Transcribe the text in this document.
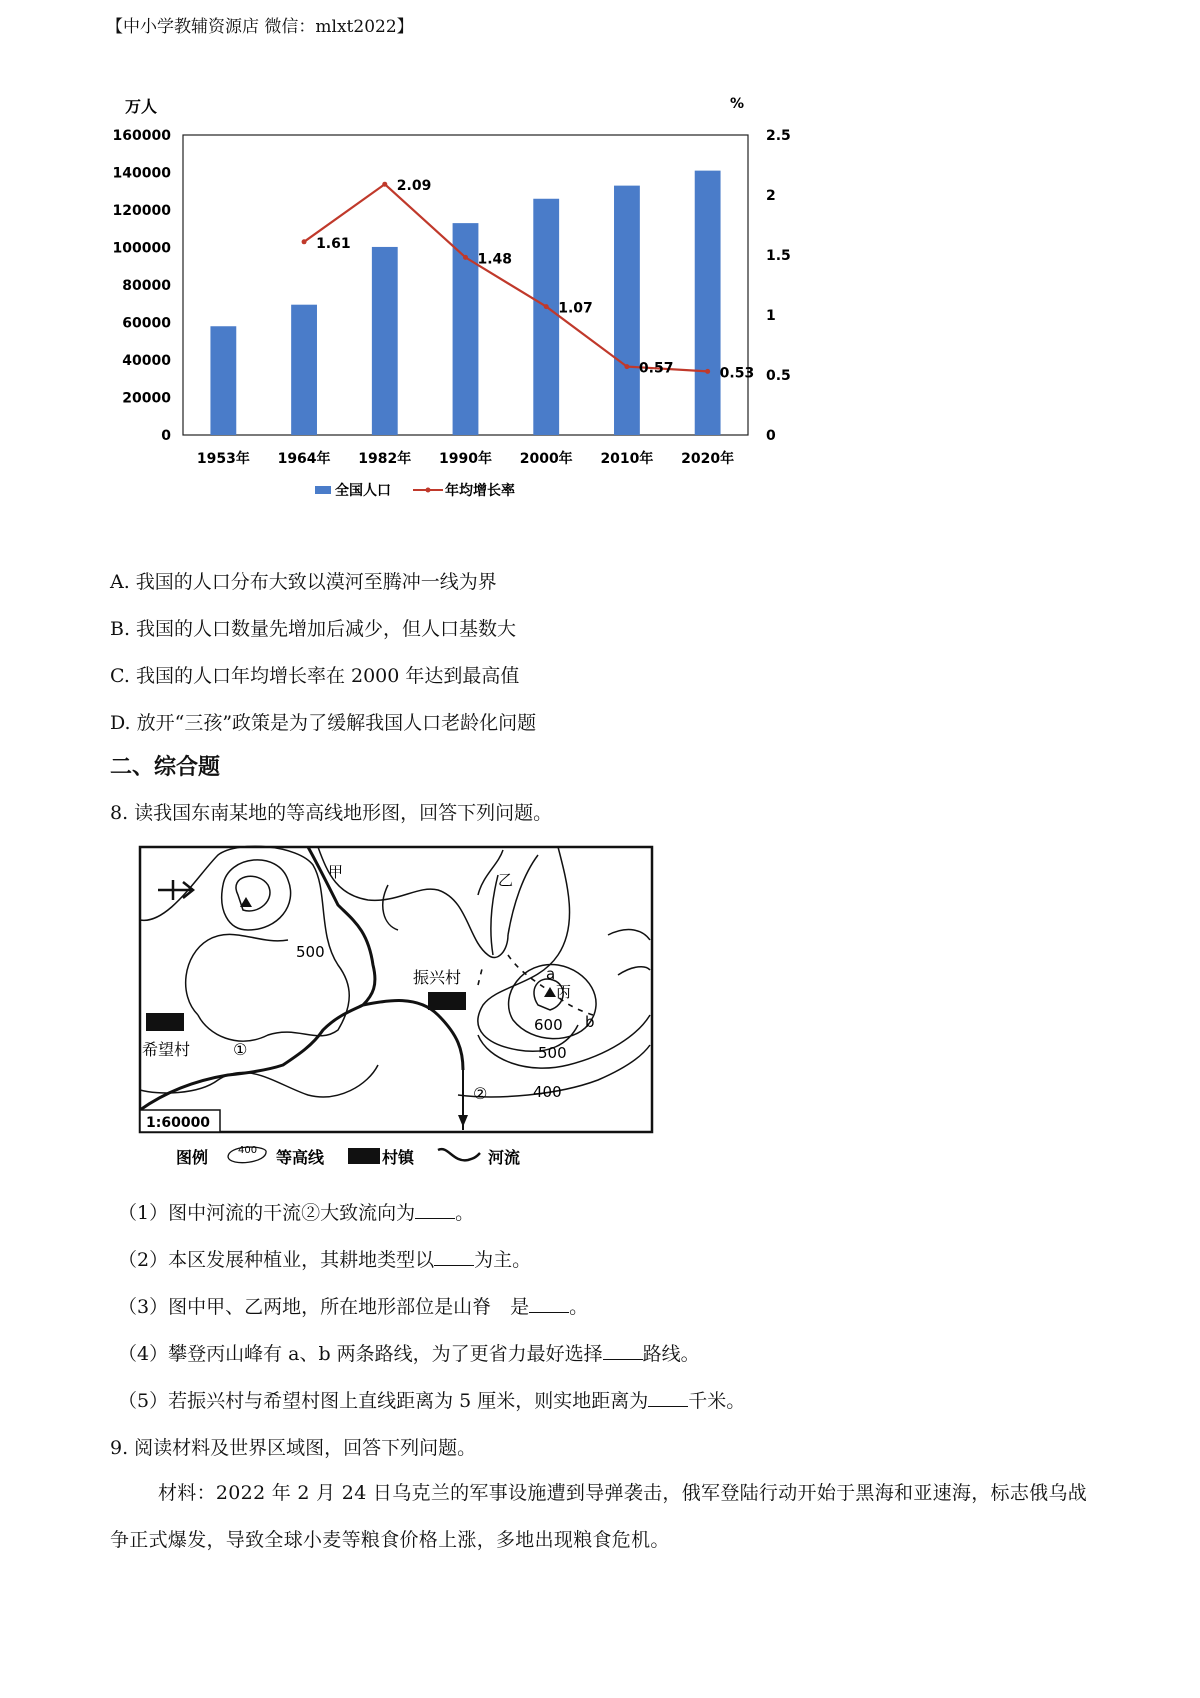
【中小学教辅资源店 微信：mlxt2022】
万人	%
0
20000
40000
60000
80000
100000
120000
140000
160000
0
0.5
1
1.5
2
2.5
1953年 1964年 1982年 1990年 2000年 2010年 2020年
1.61
2.09
1.48
1.07
0.57	0.53
全国人口	年均增长率
A. 我国的人口分布大致以漠河至腾冲一线为界
B. 我国的人口数量先增加后减少，但人口基数大
C. 我国的人口年均增长率在 2000 年达到最高值
D. 放开“三孩”政策是为了缓解我国人口老龄化问题
二、综合题
8. 读我国东南某地的等高线地形图，回答下列问题。
甲	乙
丙
振兴村
希望村
500
600
500
400
a
b
①
②
1:60000
图例	400 等高线	村镇	河流
（1）图中河流的干流②大致流向为 。
（2）本区发展种植业，其耕地类型以 为主。
（3）图中甲、乙两地，所在地形部位是山脊　是 。
（4）攀登丙山峰有 a、b 两条路线，为了更省力最好选择 路线。
（5）若振兴村与希望村图上直线距离为 5 厘米，则实地距离为 千米。
9. 阅读材料及世界区域图，回答下列问题。
材料：2022 年 2 月 24 日乌克兰的军事设施遭到导弹袭击，俄军登陆行动开始于黑海和亚速海，标志俄乌战争正式爆发，导致全球小麦等粮食价格上涨，多地出现粮食危机。
